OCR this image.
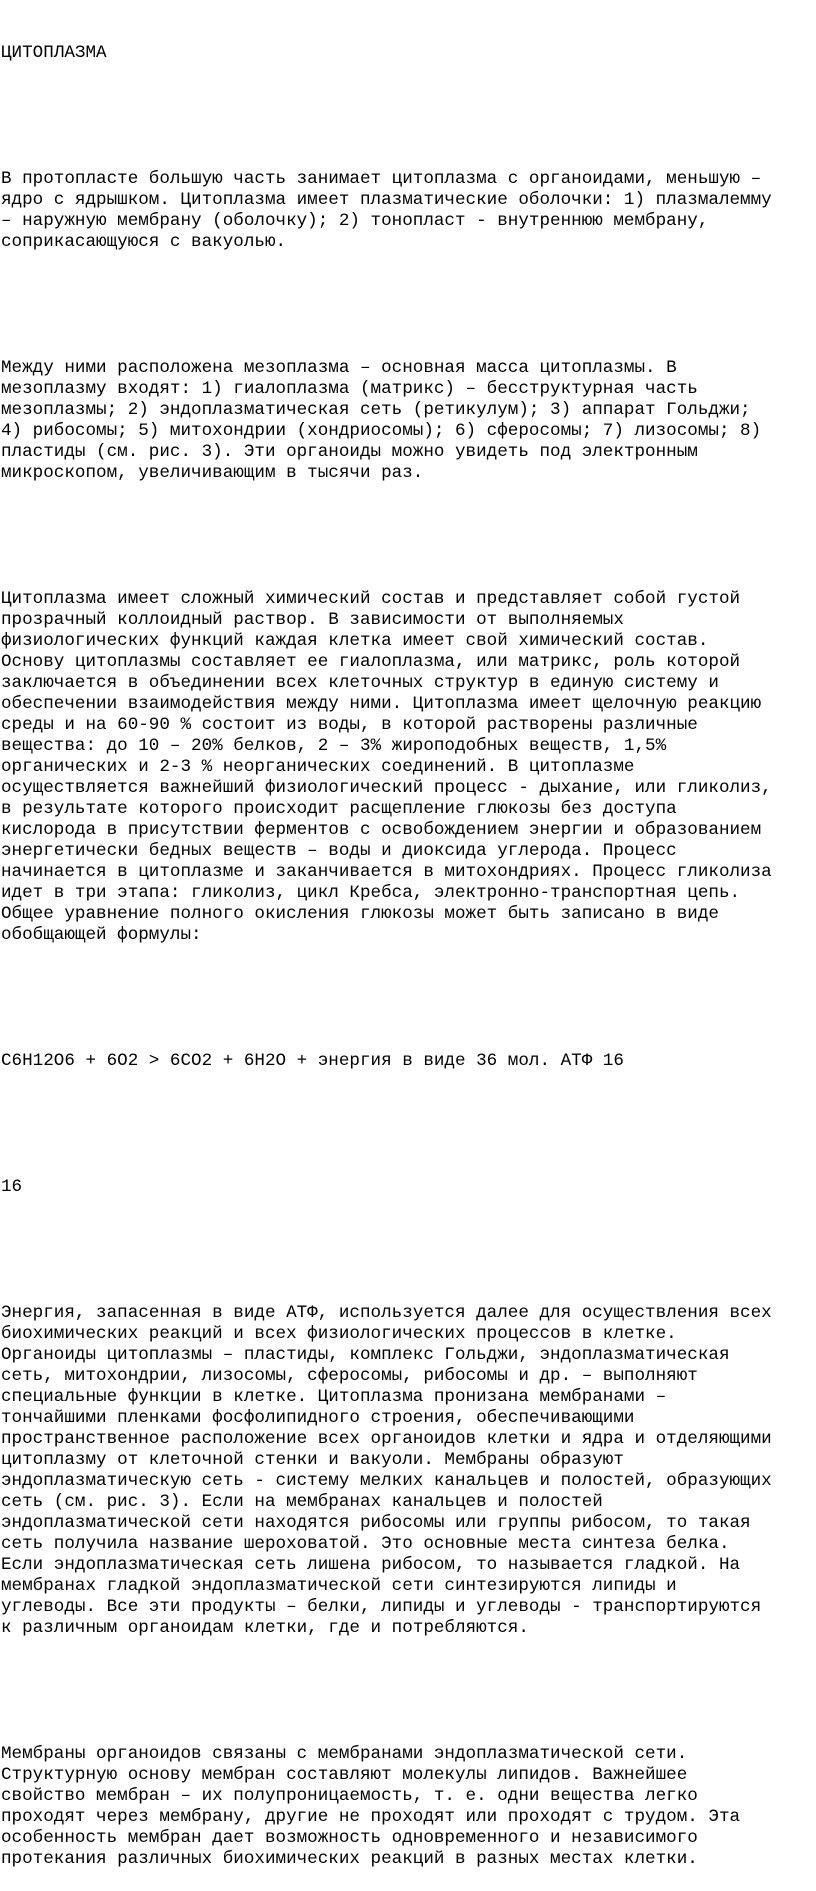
ЦИТОПЛАЗМА

В протопласте большую часть занимает цитоплазма с органоидами, меньшую –
ядро с ядрышком. Цитоплазма имеет плазматические оболочки: 1) плазмалемму
– наружную мембрану (оболочку); 2) тонопласт - внутреннюю мембрану,
соприкасающуюся с вакуолью.

Между ними расположена мезоплазма – основная масса цитоплазмы. В
мезоплазму входят: 1) гиалоплазма (матрикс) – бесструктурная часть
мезоплазмы; 2) эндоплазматическая сеть (ретикулум); 3) аппарат Гольджи;
4) рибосомы; 5) митохондрии (хондриосомы); 6) сферосомы; 7) лизосомы; 8)
пластиды (см. рис. 3). Эти органоиды можно увидеть под электронным
микроскопом, увеличивающим в тысячи раз.

Цитоплазма имеет сложный химический состав и представляет собой густой
прозрачный коллоидный раствор. В зависимости от выполняемых
физиологических функций каждая клетка имеет свой химический состав.
Основу цитоплазмы составляет ее гиалоплазма, или матрикс, роль которой
заключается в объединении всех клеточных структур в единую систему и
обеспечении взаимодействия между ними. Цитоплазма имеет щелочную реакцию
среды и на 60-90 % состоит из воды, в которой растворены различные
вещества: до 10 – 20% белков, 2 – 3% жироподобных веществ, 1,5%
органических и 2-3 % неорганических соединений. В цитоплазме
осуществляется важнейший физиологический процесс - дыхание, или гликолиз,
в результате которого происходит расщепление глюкозы без доступа
кислорода в присутствии ферментов с освобождением энергии и образованием
энергетически бедных веществ – воды и диоксида углерода. Процесс
начинается в цитоплазме и заканчивается в митохондриях. Процесс гликолиза
идет в три этапа: гликолиз, цикл Кребса, электронно-транспортная цепь.
Общее уравнение полного окисления глюкозы может быть записано в виде
обобщающей формулы:

C6H12O6 + 6O2 > 6CO2 + 6H2O + энергия в виде 36 мол. АТФ 16

16

Энергия, запасенная в виде АТФ, используется далее для осуществления всех
биохимических реакций и всех физиологических процессов в клетке.
Органоиды цитоплазмы – пластиды, комплекс Гольджи, эндоплазматическая
сеть, митохондрии, лизосомы, сферосомы, рибосомы и др. – выполняют
специальные функции в клетке. Цитоплазма пронизана мембранами –
тончайшими пленками фосфолипидного строения, обеспечивающими
пространственное расположение всех органоидов клетки и ядра и отделяющими
цитоплазму от клеточной стенки и вакуоли. Мембраны образуют
эндоплазматическую сеть - систему мелких канальцев и полостей, образующих
сеть (см. рис. 3). Если на мембранах канальцев и полостей
эндоплазматической сети находятся рибосомы или группы рибосом, то такая
сеть получила название шероховатой. Это основные места синтеза белка.
Если эндоплазматическая сеть лишена рибосом, то называется гладкой. На
мембранах гладкой эндоплазматической сети синтезируются липиды и
углеводы. Все эти продукты – белки, липиды и углеводы - транспортируются
к различным органоидам клетки, где и потребляются.

Мембраны органоидов связаны с мембранами эндоплазматической сети.
Структурную основу мембран составляют молекулы липидов. Важнейшее
свойство мембран – их полупроницаемость, т. е. одни вещества легко
проходят через мембрану, другие не проходят или проходят с трудом. Эта
особенность мембран дает возможность одновременного и независимого
протекания различных биохимических реакций в разных местах клетки.
